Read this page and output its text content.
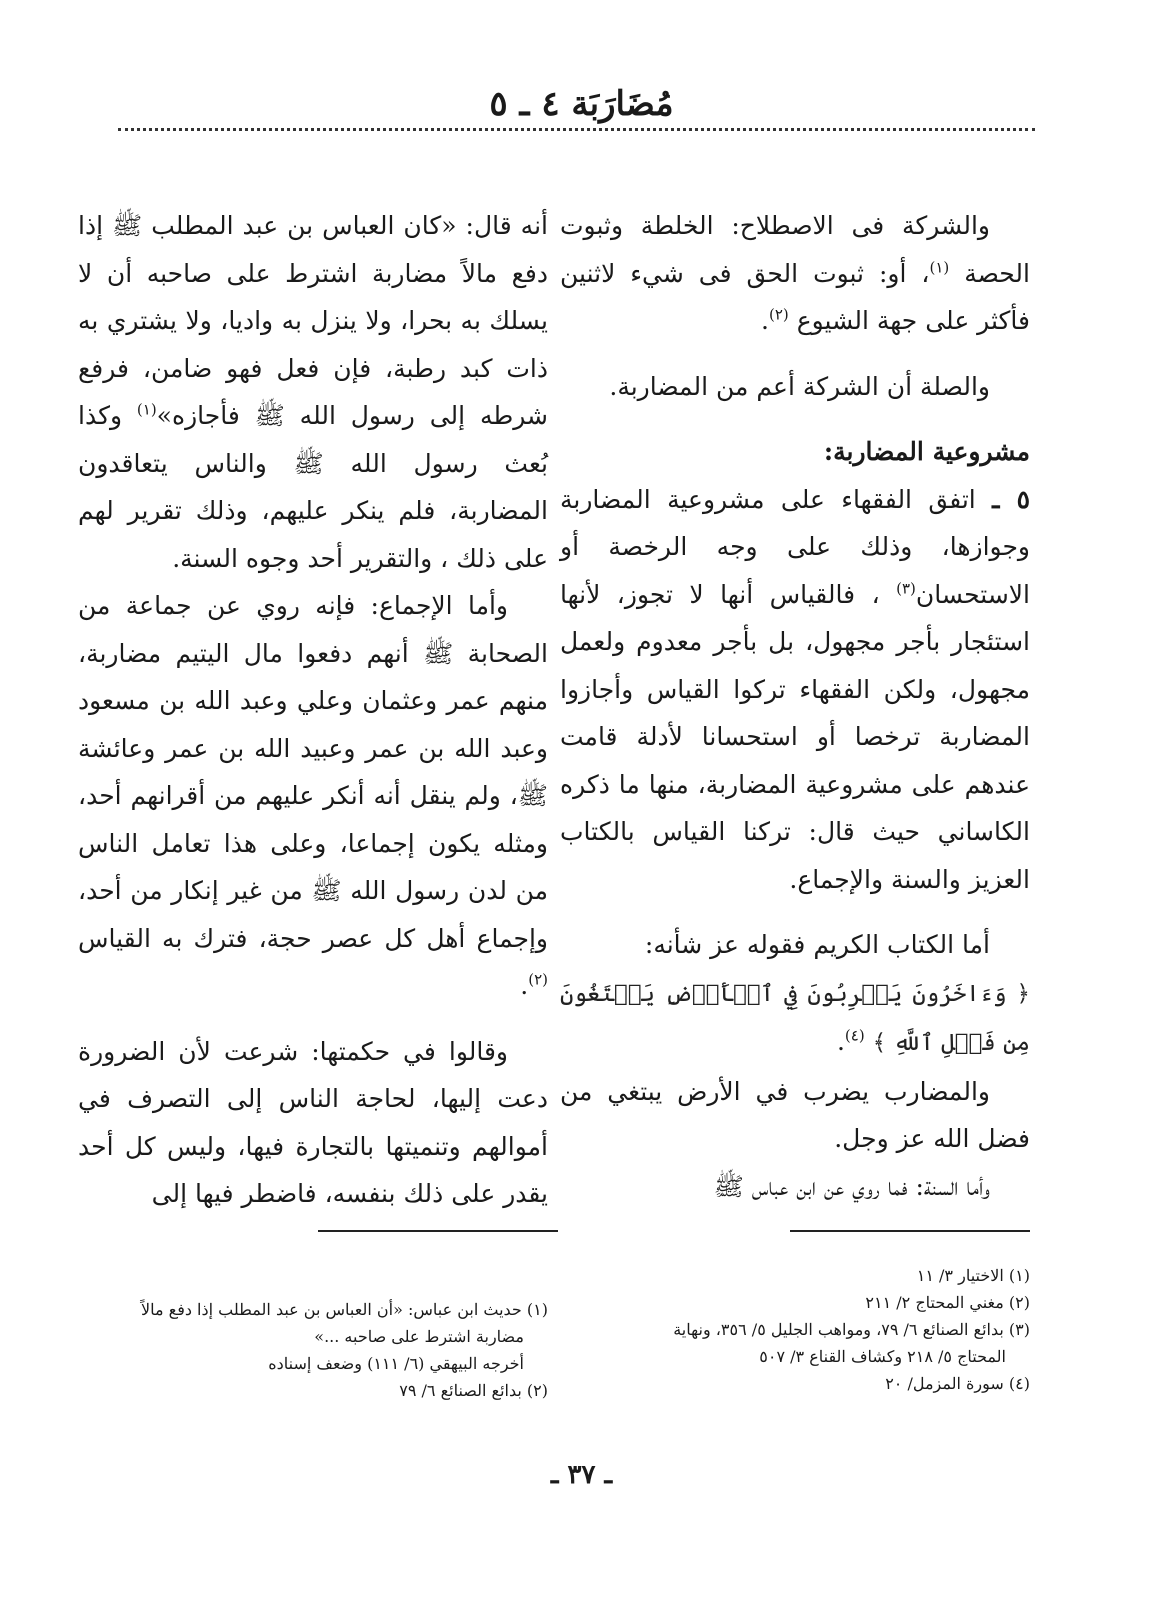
مُضَارَبَة ٤ ـ ٥

والشركة فى الاصطلاح: الخلطة وثبوت الحصة $^{(١)}$، أو: ثبوت الحق فى شيء لاثنين فأكثر على جهة الشيوع $^{(٢)}$.

والصلة أن الشركة أعم من المضاربة.

مشروعية المضاربة:

٥ ـ اتفق الفقهاء على مشروعية المضاربة وجوازها، وذلك على وجه الرخصة أو الاستحسان$^{(٣)}$ ، فالقياس أنها لا تجوز، لأنها استئجار بأجر مجهول، بل بأجر معدوم ولعمل مجهول، ولكن الفقهاء تركوا القياس وأجازوا المضاربة ترخصا أو استحسانا لأدلة قامت عندهم على مشروعية المضاربة، منها ما ذكره الكاساني حيث قال: تركنا القياس بالكتاب العزيز والسنة والإجماع.

أما الكتاب الكريم فقوله عز شأنه:

﴿ وَءَاخَرُونَ يَضۡرِبُونَ فِي ٱلۡأَرۡضِ يَبۡتَغُونَ مِن فَضۡلِ ٱللَّهِ ﴾ $^{(٤)}$.

والمضارب يضرب في الأرض يبتغي من فضل الله عز وجل.

وأما السنة: فما روي عن ابن عباس ﷺ

أنه قال: «كان العباس بن عبد المطلب ﷺ إذا دفع مالاً مضاربة اشترط على صاحبه أن لا يسلك به بحرا، ولا ينزل به واديا، ولا يشتري به ذات كبد رطبة، فإن فعل فهو ضامن، فرفع شرطه إلى رسول الله ﷺ فأجازه»$^{(١)}$ وكذا بُعث رسول الله ﷺ والناس يتعاقدون المضاربة، فلم ينكر عليهم، وذلك تقرير لهم على ذلك ، والتقرير أحد وجوه السنة.

وأما الإجماع: فإنه روي عن جماعة من الصحابة ﷺ أنهم دفعوا مال اليتيم مضاربة، منهم عمر وعثمان وعلي وعبد الله بن مسعود وعبد الله بن عمر وعبيد الله بن عمر وعائشة ﷺ، ولم ينقل أنه أنكر عليهم من أقرانهم أحد، ومثله يكون إجماعا، وعلى هذا تعامل الناس من لدن رسول الله ﷺ من غير إنكار من أحد، وإجماع أهل كل عصر حجة، فترك به القياس $^{(٢)}$.

وقالوا في حكمتها: شرعت لأن الضرورة دعت إليها، لحاجة الناس إلى التصرف في أموالهم وتنميتها بالتجارة فيها، وليس كل أحد يقدر على ذلك بنفسه، فاضطر فيها إلى

(١) الاختيار ٣/ ١١
(٢) مغني المحتاج ٢/ ٢١١
(٣) بدائع الصنائع ٦/ ٧٩، ومواهب الجليل ٥/ ٣٥٦، ونهاية
المحتاج ٥/ ٢١٨ وكشاف القناع ٣/ ٥٠٧
(٤) سورة المزمل/ ٢٠
(١) حديث ابن عباس: «أن العباس بن عبد المطلب إذا دفع مالاً
مضاربة اشترط على صاحبه ...»
أخرجه البيهقي (٦/ ١١١) وضعف إسناده
(٢) بدائع الصنائع ٦/ ٧٩
ـ ٣٧ ـ
